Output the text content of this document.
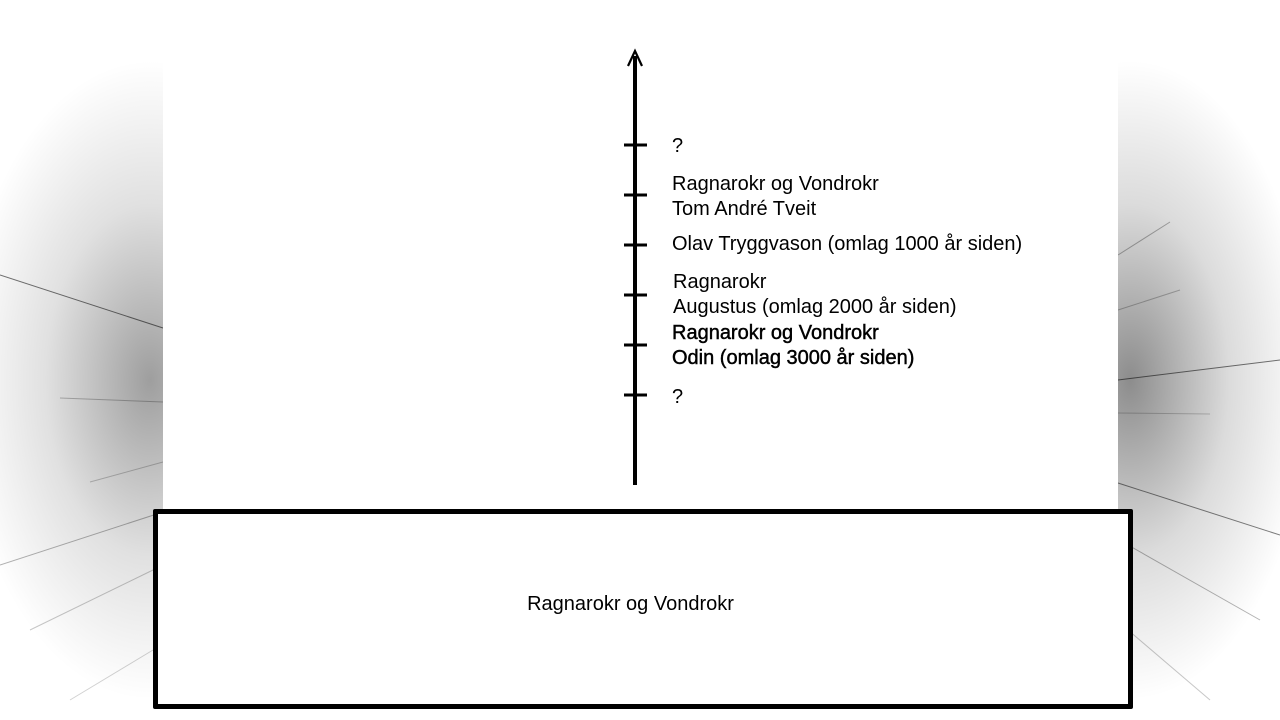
?
Ragnarokr og Vondrokr
Tom André Tveit
Olav Tryggvason (omlag 1000 år siden)
Ragnarokr
Augustus (omlag 2000 år siden)
Ragnarokr og Vondrokr
Odin (omlag 3000 år siden)
?
Ragnarokr og Vondrokr
